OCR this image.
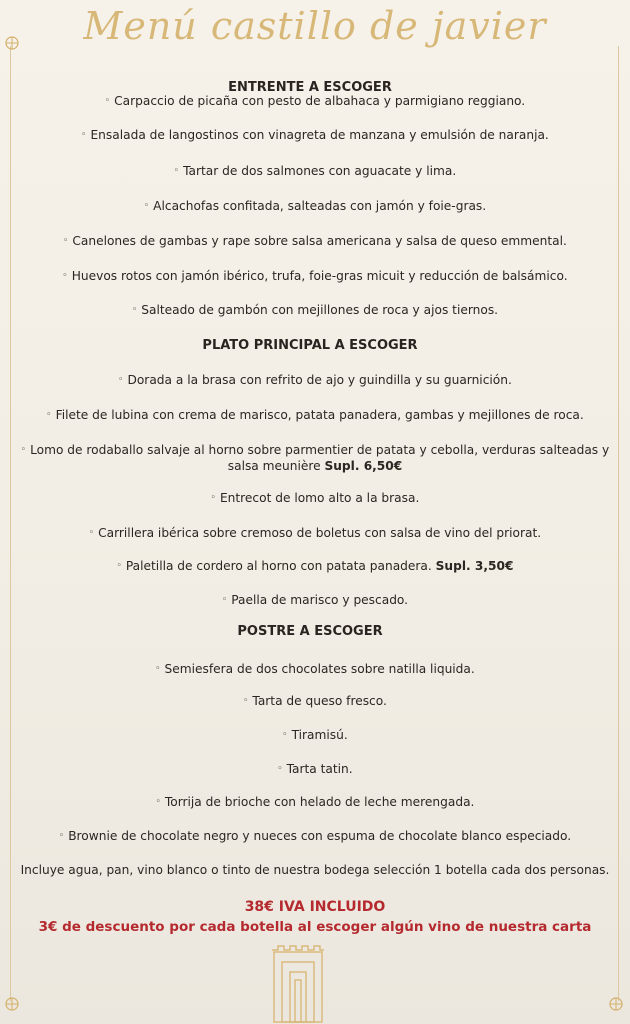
Menú castillo de javier
ENTRENTE A ESCOGER
◦ Carpaccio de picaña con pesto de albahaca y parmigiano reggiano.
◦ Ensalada de langostinos con vinagreta de manzana y emulsión de naranja.
◦ Tartar de dos salmones con aguacate y lima.
◦ Alcachofas confitada, salteadas con jamón y foie-gras.
◦ Canelones de gambas y rape sobre salsa americana y salsa de queso emmental.
◦ Huevos rotos con jamón ibérico, trufa, foie-gras micuit y reducción de balsámico.
◦ Salteado de gambón con mejillones de roca y ajos tiernos.
PLATO PRINCIPAL A ESCOGER
◦ Dorada a la brasa con refrito de ajo y guindilla y su guarnición.
◦ Filete de lubina con crema de marisco, patata panadera, gambas y mejillones de roca.
◦ Lomo de rodaballo salvaje al horno sobre parmentier de patata y cebolla, verduras salteadas y salsa meunière Supl. 6,50€
◦ Entrecot de lomo alto a la brasa.
◦ Carrillera ibérica sobre cremoso de boletus con salsa de vino del priorat.
◦ Paletilla de cordero al horno con patata panadera. Supl. 3,50€
◦ Paella de marisco y pescado.
POSTRE A ESCOGER
◦ Semiesfera de dos chocolates sobre natilla liquida.
◦ Tarta de queso fresco.
◦ Tiramisú.
◦ Tarta tatin.
◦ Torrija de brioche con helado de leche merengada.
◦ Brownie de chocolate negro y nueces con espuma de chocolate blanco especiado.
Incluye agua, pan, vino blanco o tinto de nuestra bodega selección 1 botella cada dos personas.
38€ IVA INCLUIDO
3€ de descuento por cada botella al escoger algún vino de nuestra carta
